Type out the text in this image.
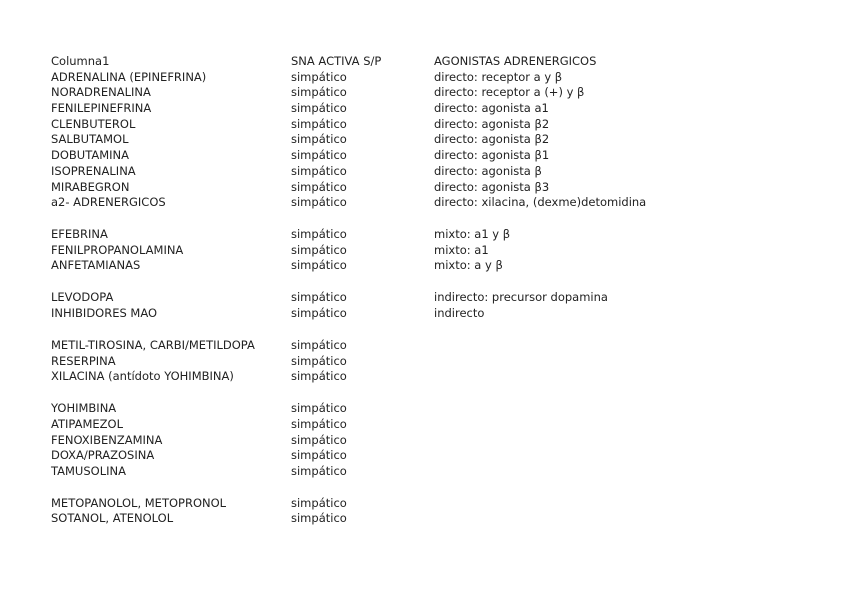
Columna1	SNA ACTIVA S/P	AGONISTAS ADRENERGICOS
ADRENALINA (EPINEFRINA)	simpático	directo: receptor a y β
NORADRENALINA	simpático	directo: receptor a (+) y β
FENILEPINEFRINA	simpático	directo: agonista a1
CLENBUTEROL	simpático	directo: agonista β2
SALBUTAMOL	simpático	directo: agonista β2
DOBUTAMINA	simpático	directo: agonista β1
ISOPRENALINA	simpático	directo: agonista β
MIRABEGRON	simpático	directo: agonista β3
a2- ADRENERGICOS	simpático	directo: xilacina, (dexme)detomidina
EFEBRINA	simpático	mixto: a1 y β
FENILPROPANOLAMINA	simpático	mixto: a1
ANFETAMIANAS	simpático	mixto: a y β
LEVODOPA	simpático	indirecto: precursor dopamina
INHIBIDORES MAO	simpático	indirecto
METIL-TIROSINA, CARBI/METILDOPA	simpático
RESERPINA	simpático
XILACINA (antídoto YOHIMBINA)	simpático
YOHIMBINA	simpático
ATIPAMEZOL	simpático
FENOXIBENZAMINA	simpático
DOXA/PRAZOSINA	simpático
TAMUSOLINA	simpático
METOPANOLOL, METOPRONOL	simpático
SOTANOL, ATENOLOL	simpático
